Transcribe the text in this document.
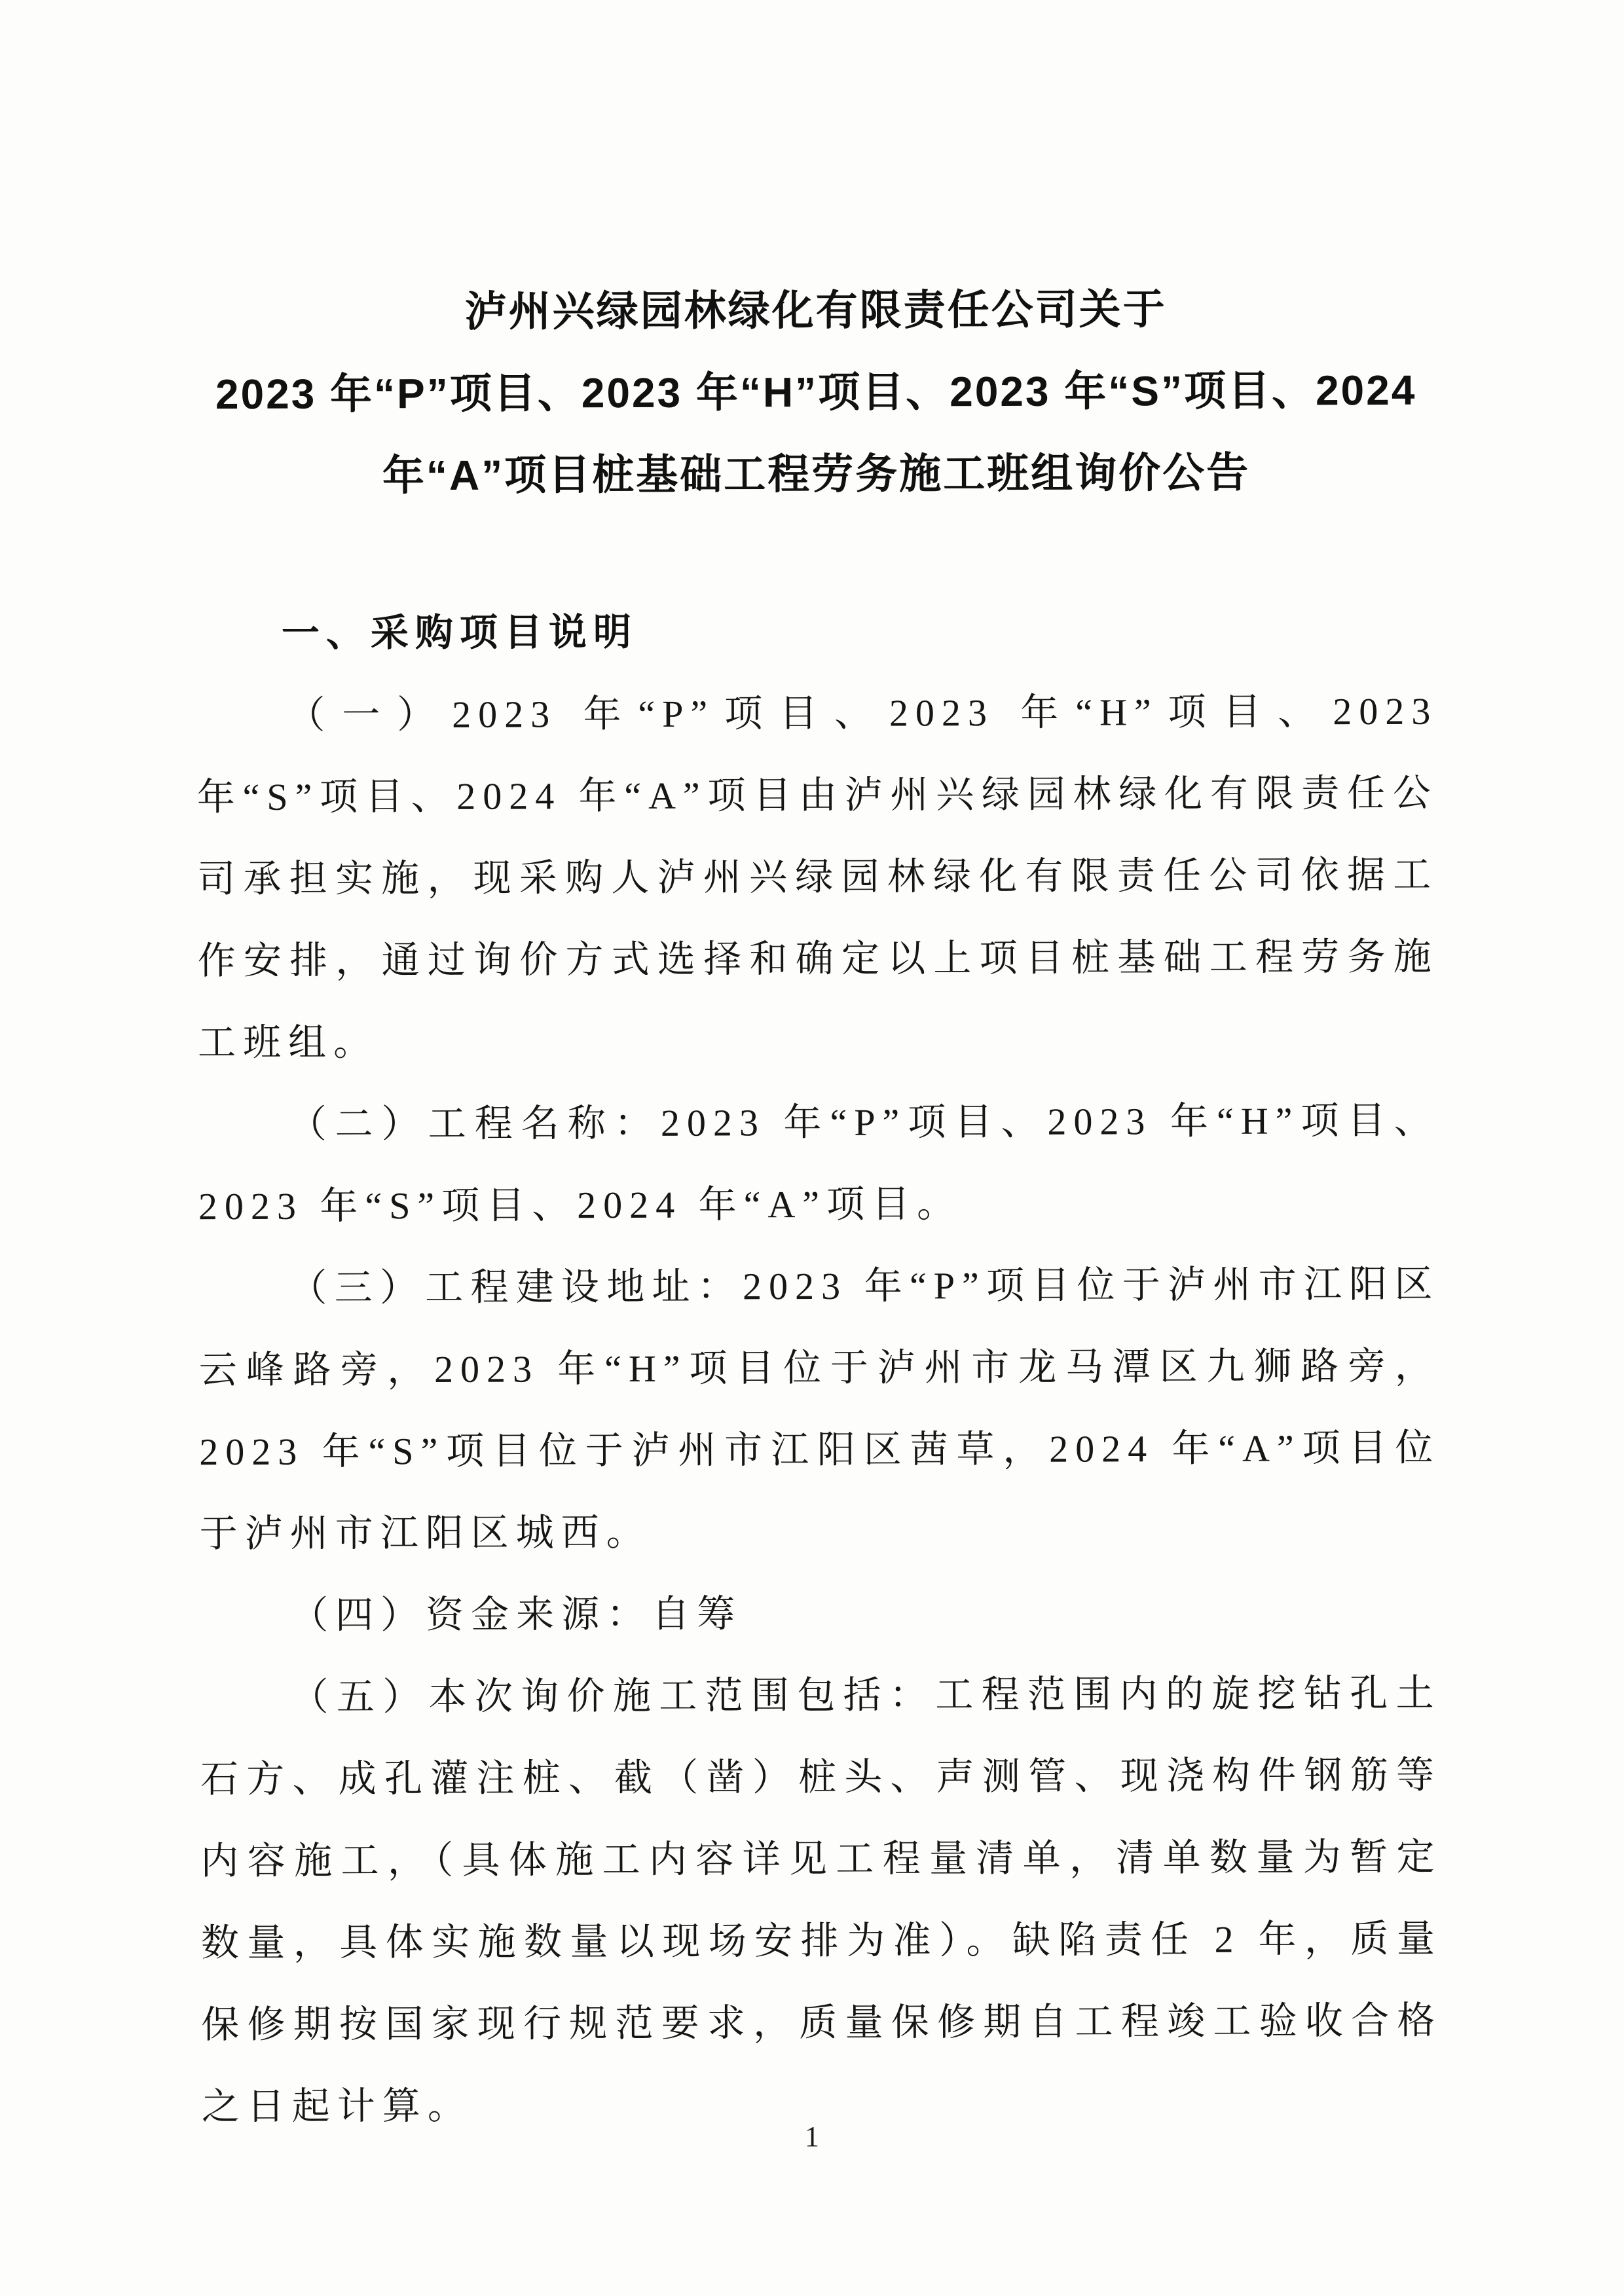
泸州兴绿园林绿化有限责任公司关于
2023 年“P”项目、2023 年“H”项目、2023 年“S”项目、2024
年“A”项目桩基础工程劳务施工班组询价公告
一、采购项目说明

（一）2023 年“P”项目、2023 年“H”项目、2023 年“S”项目、2024 年“A”项目由泸州兴绿园林绿化有限责任公司承担实施，现采购人泸州兴绿园林绿化有限责任公司依据工作安排，通过询价方式选择和确定以上项目桩基础工程劳务施工班组。

（二）工程名称：2023 年“P”项目、2023 年“H”项目、2023 年“S”项目、2024 年“A”项目。

（三）工程建设地址：2023 年“P”项目位于泸州市江阳区云峰路旁，2023 年“H”项目位于泸州市龙马潭区九狮路旁，2023 年“S”项目位于泸州市江阳区茜草，2024 年“A”项目位于泸州市江阳区城西。

（四）资金来源：自筹

（五）本次询价施工范围包括：工程范围内的旋挖钻孔土石方、成孔灌注桩、截（凿）桩头、声测管、现浇构件钢筋等内容施工，（具体施工内容详见工程量清单，清单数量为暂定数量，具体实施数量以现场安排为准）。缺陷责任 2 年，质量保修期按国家现行规范要求，质量保修期自工程竣工验收合格之日起计算。

1
